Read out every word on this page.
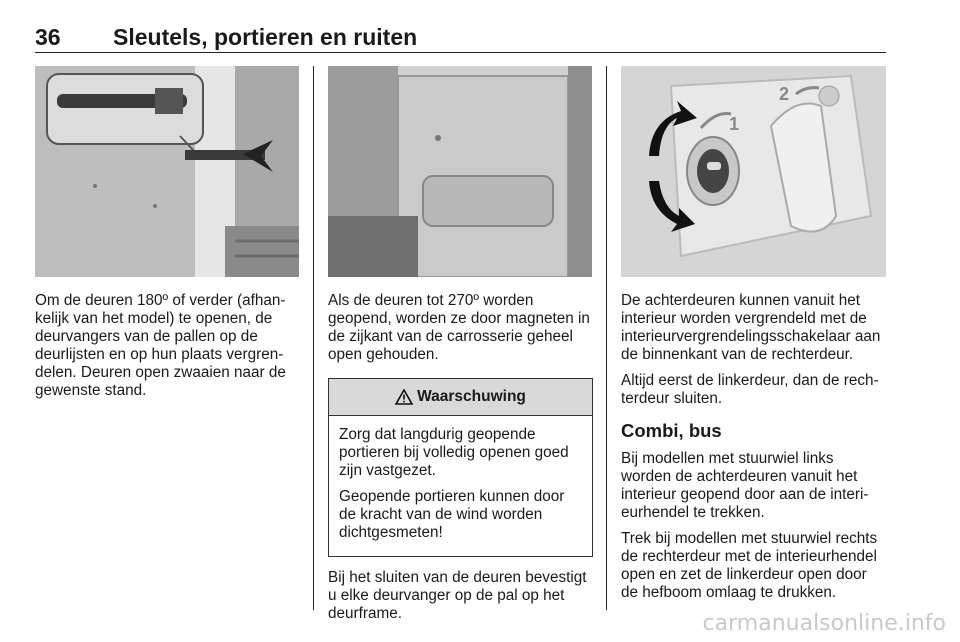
36 Sleutels, portieren en ruiten
1
2

Om de deuren 180º of verder (afhankelijk van het model) te openen, de deurvangers van de pallen op de deurlijsten en op hun plaats vergrendelen. Deuren open zwaaien naar de gewenste stand.

Als de deuren tot 270º worden geopend, worden ze door magneten in de zijkant van de carrosserie geheel open gehouden.

Waarschuwing

Zorg dat langdurig geopende portieren bij volledig openen goed zijn vastgezet.

Geopende portieren kunnen door de kracht van de wind worden dichtgesmeten!

Bij het sluiten van de deuren bevestigt u elke deurvanger op de pal op het deurframe.

De achterdeuren kunnen vanuit het interieur worden vergrendeld met de interieurvergrendelingsschakelaar aan de binnenkant van de rechterdeur.

Altijd eerst de linkerdeur, dan de rechterdeur sluiten.

Combi, bus

Bij modellen met stuurwiel links worden de achterdeuren vanuit het interieur geopend door aan de interieurhendel te trekken.

Trek bij modellen met stuurwiel rechts de rechterdeur met de interieurhendel open en zet de linkerdeur open door de hefboom omlaag te drukken.

carmanualsonline.info
